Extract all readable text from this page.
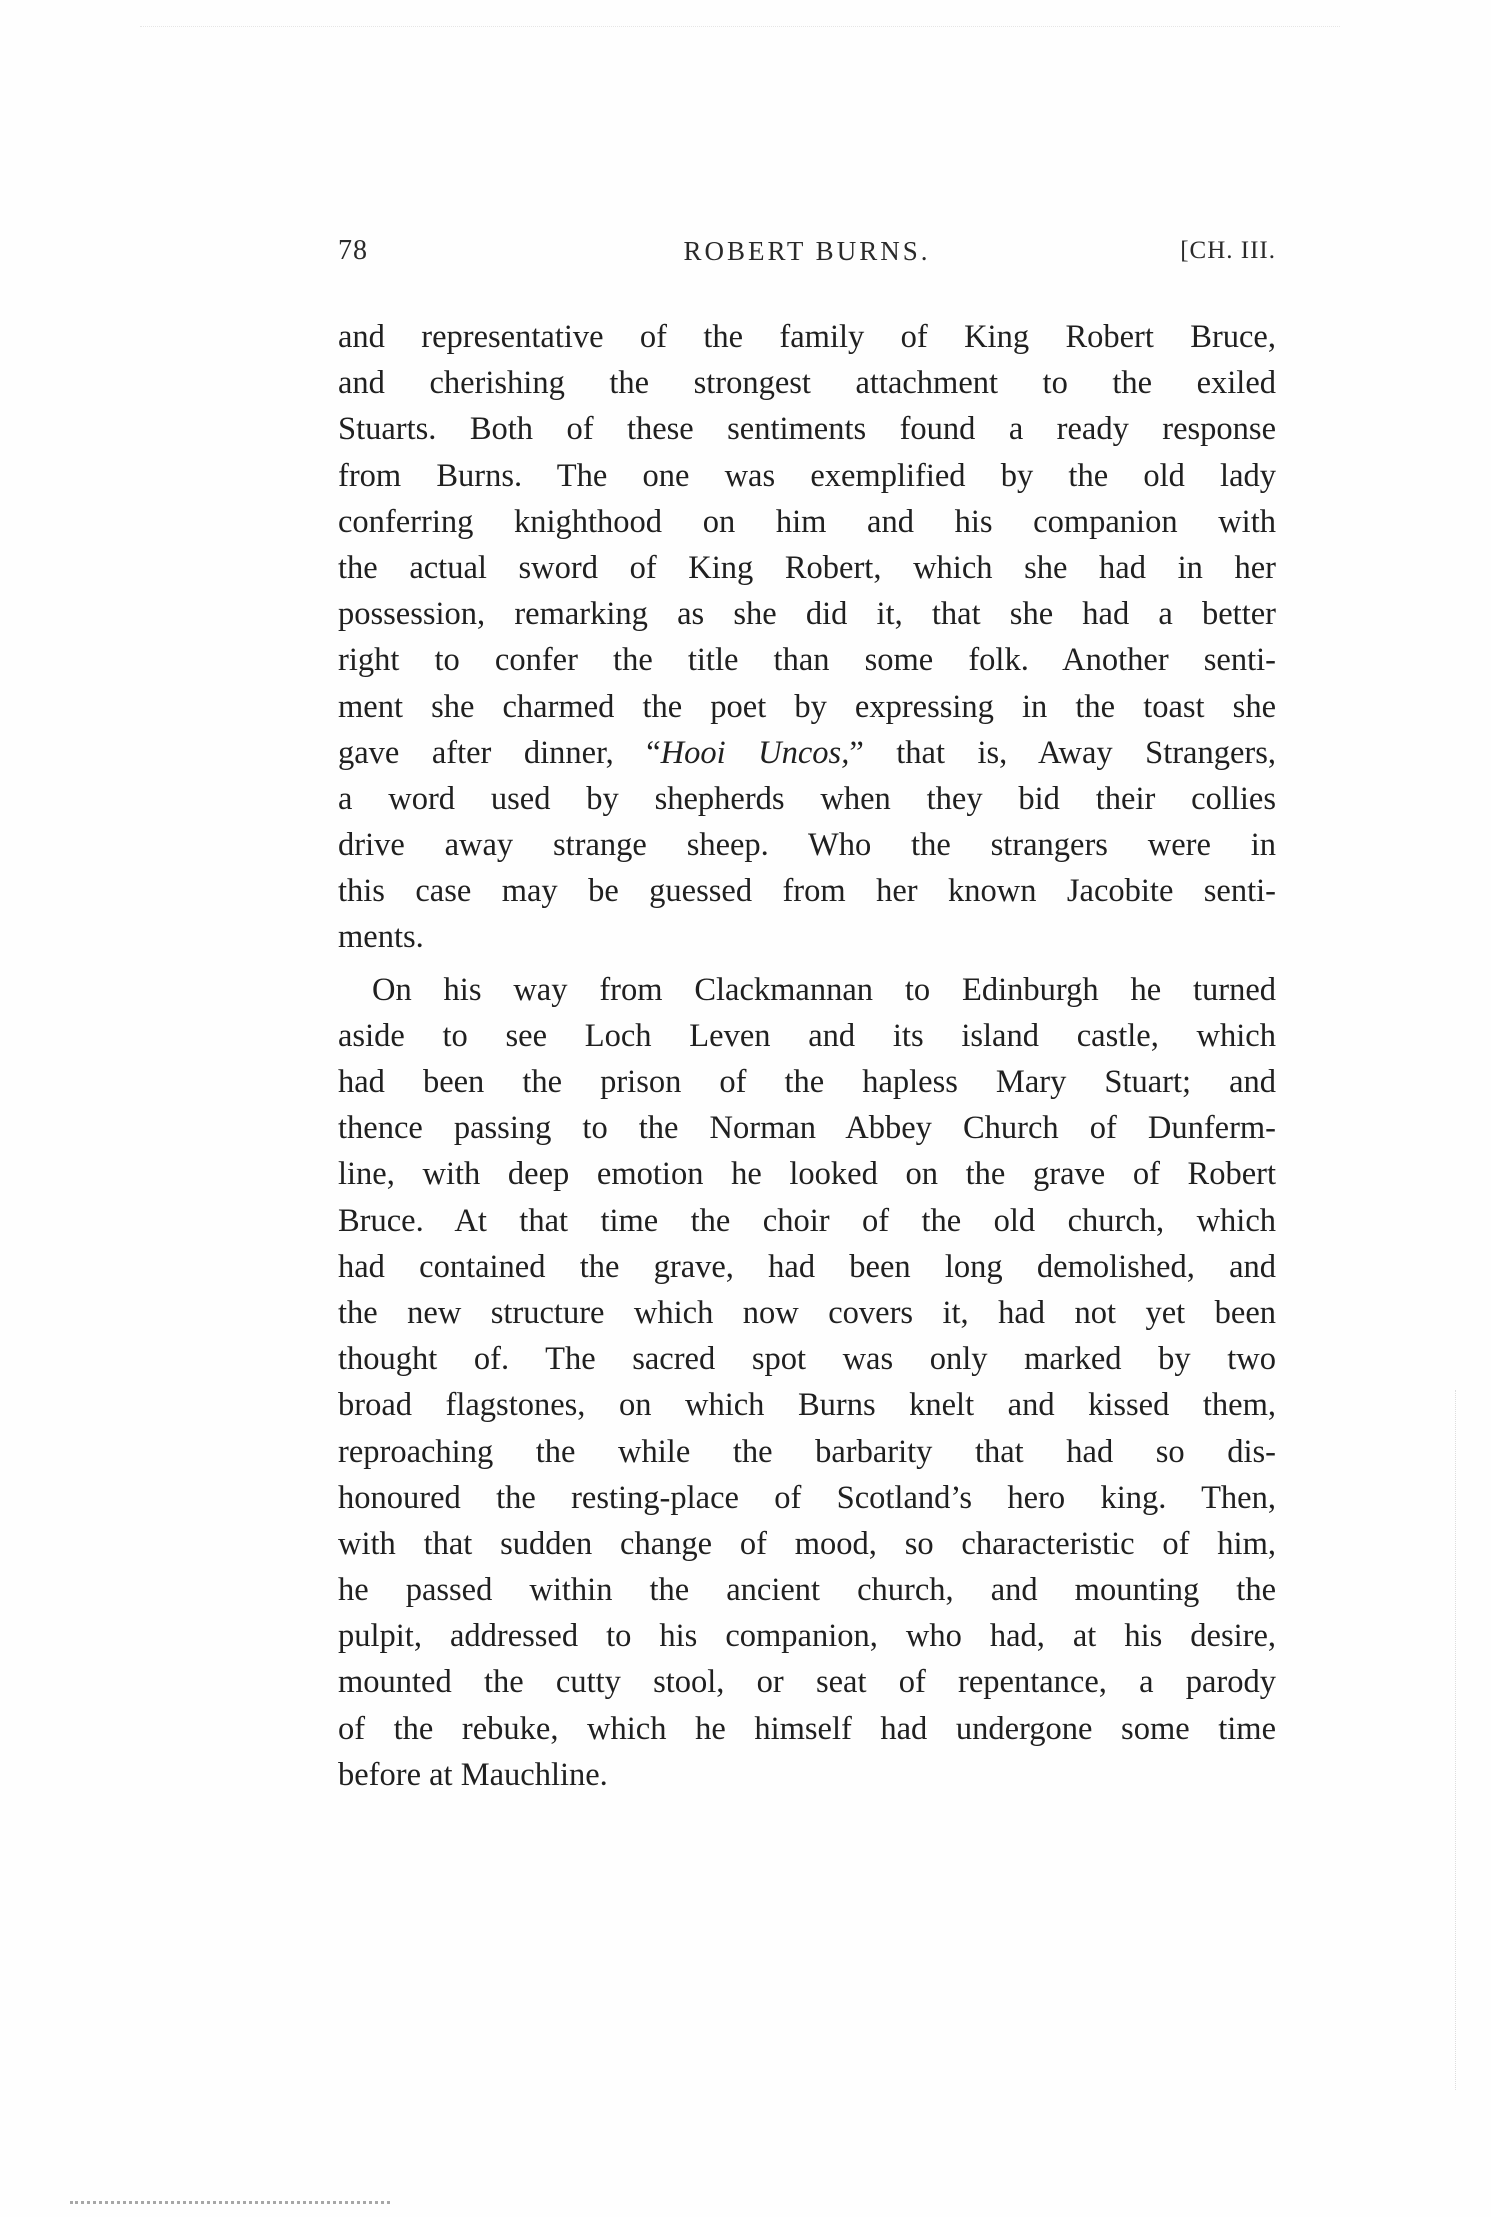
78	ROBERT BURNS.	[CH. III.
and representative of the family of King Robert Bruce,
and cherishing the strongest attachment to the exiled
Stuarts. Both of these sentiments found a ready response
from Burns. The one was exemplified by the old lady
conferring knighthood on him and his companion with
the actual sword of King Robert, which she had in her
possession, remarking as she did it, that she had a better
right to confer the title than some folk. Another senti-
ment she charmed the poet by expressing in the toast she
gave after dinner, “Hooi Uncos,” that is, Away Strangers,
a word used by shepherds when they bid their collies
drive away strange sheep. Who the strangers were in
this case may be guessed from her known Jacobite senti-
ments.
On his way from Clackmannan to Edinburgh he turned
aside to see Loch Leven and its island castle, which
had been the prison of the hapless Mary Stuart; and
thence passing to the Norman Abbey Church of Dunferm-
line, with deep emotion he looked on the grave of Robert
Bruce. At that time the choir of the old church, which
had contained the grave, had been long demolished, and
the new structure which now covers it, had not yet been
thought of. The sacred spot was only marked by two
broad flagstones, on which Burns knelt and kissed them,
reproaching the while the barbarity that had so dis-
honoured the resting-place of Scotland’s hero king. Then,
with that sudden change of mood, so characteristic of him,
he passed within the ancient church, and mounting the
pulpit, addressed to his companion, who had, at his desire,
mounted the cutty stool, or seat of repentance, a parody
of the rebuke, which he himself had undergone some time
before at Mauchline.
